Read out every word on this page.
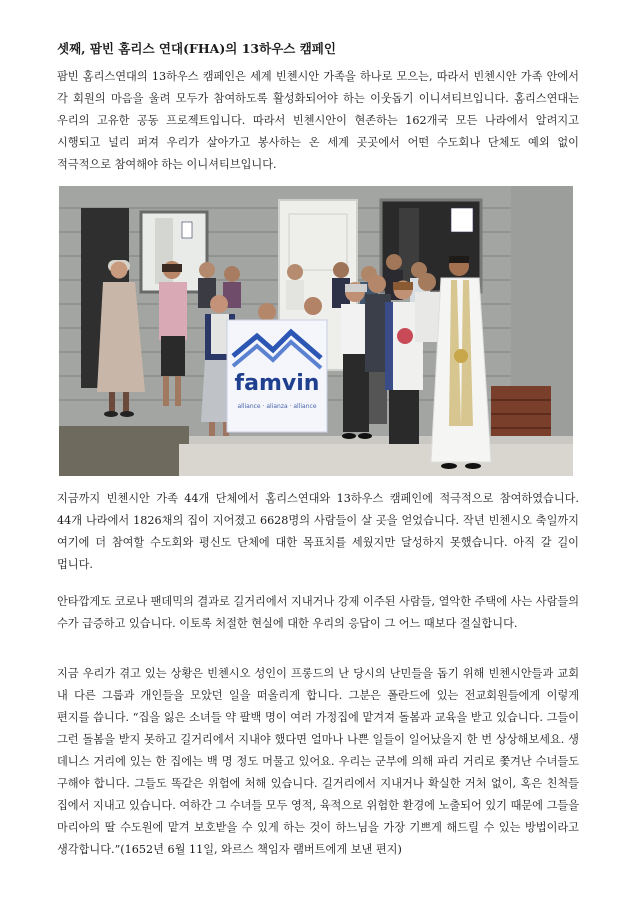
셋째, 팜빈 홈리스 연대(FHA)의 13하우스 캠페인

팜빈 홈리스연대의 13하우스 캠페인은 세계 빈첸시안 가족을 하나로 모으는, 따라서 빈첸시안 가족 안에서 각 회원의 마음을 울려 모두가 참여하도록 활성화되어야 하는 이웃돕기 이니셔티브입니다. 홈리스연대는 우리의 고유한 공동 프로젝트입니다. 따라서 빈첸시안이 현존하는 162개국 모든 나라에서 알려지고 시행되고 널리 퍼져 우리가 살아가고 봉사하는 온 세계 곳곳에서 어떤 수도회나 단체도 예외 없이 적극적으로 참여해야 하는 이니셔티브입니다.

famvin
alliance · alianza · alliance

지금까지 빈첸시안 가족 44개 단체에서 홈리스연대와 13하우스 캠페인에 적극적으로 참여하였습니다. 44개 나라에서 1826채의 집이 지어졌고 6628명의 사람들이 살 곳을 얻었습니다. 작년 빈첸시오 축일까지 여기에 더 참여할 수도회와 평신도 단체에 대한 목표치를 세웠지만 달성하지 못했습니다. 아직 갈 길이 멉니다.

안타깝게도 코로나 팬데믹의 결과로 길거리에서 지내거나 강제 이주된 사람들, 열악한 주택에 사는 사람들의 수가 급증하고 있습니다. 이토록 처절한 현실에 대한 우리의 응답이 그 어느 때보다 절실합니다.

지금 우리가 겪고 있는 상황은 빈첸시오 성인이 프롱드의 난 당시의 난민들을 돕기 위해 빈첸시안들과 교회 내 다른 그룹과 개인들을 모았던 일을 떠올리게 합니다. 그분은 폴란드에 있는 전교회원들에게 이렇게 편지를 씁니다. “집을 잃은 소녀들 약 팔백 명이 여러 가정집에 맡겨져 돌봄과 교육을 받고 있습니다. 그들이 그런 돌봄을 받지 못하고 길거리에서 지내야 했다면 얼마나 나쁜 일들이 일어났을지 한 번 상상해보세요. 생 데니스 거리에 있는 한 집에는 백 명 정도 머물고 있어요. 우리는 군부에 의해 파리 거리로 쫓겨난 수녀들도 구해야 합니다. 그들도 똑같은 위험에 처해 있습니다. 길거리에서 지내거나 확실한 거처 없이, 혹은 친척들 집에서 지내고 있습니다. 여하간 그 수녀들 모두 영적, 육적으로 위험한 환경에 노출되어 있기 때문에 그들을 마리아의 딸 수도원에 맡겨 보호받을 수 있게 하는 것이 하느님을 가장 기쁘게 해드릴 수 있는 방법이라고 생각합니다.”(1652년 6월 11일, 와르스 책임자 램버트에게 보낸 편지)
